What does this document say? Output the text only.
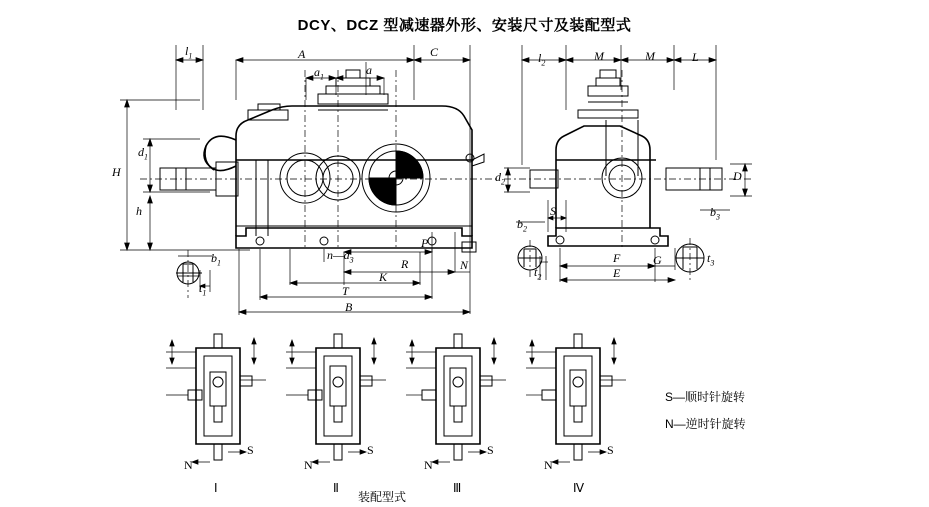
DCY、DCZ 型减速器外形、安装尺寸及装配型式
$l_1$	A	C
$a_1$	a
H
$d_1$
h
$b_1$
$t_1$
$n—d_3$
P
R	N
K
T
B
$l_2$	M	M	L
$d_2$	D
S
$b_2$
$b_3$
$t_2$
$t_3$
F	G
E
S
N
S
N
S
N
S
N
Ⅰ	Ⅱ	Ⅲ	Ⅳ
装配型式
S—顺时针旋转
N—逆时针旋转
